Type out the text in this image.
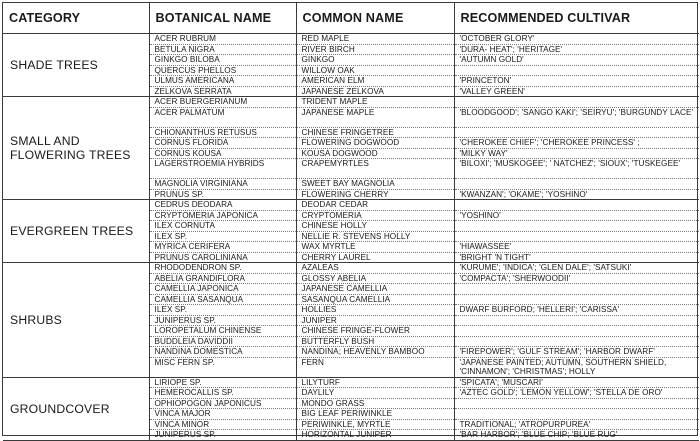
CATEGORY	BOTANICAL NAME	COMMON NAME	RECOMMENDED CULTIVAR
SHADE TREES	ACER RUBRUM	RED MAPLE	'OCTOBER GLORY'
	BETULA NIGRA	RIVER BIRCH	'DURA- HEAT'; 'HERITAGE'
	GINKGO BILOBA	GINKGO	'AUTUMN GOLD'
	QUERCUS PHELLOS	WILLOW OAK	
	ULMUS AMERICANA	AMERICAN ELM	'PRINCETON'
	ZELKOVA SERRATA	JAPANESE ZELKOVA	'VALLEY GREEN'
SMALL AND FLOWERING TREES	ACER BUERGERIANUM	TRIDENT MAPLE	
	ACER PALMATUM	JAPANESE MAPLE	'BLOODGOOD'; 'SANGO KAKI'; 'SEIRYU'; 'BURGUNDY LACE'
	CHIONANTHUS RETUSUS	CHINESE FRINGETREE	
	CORNUS FLORIDA	FLOWERING DOGWOOD	'CHEROKEE CHIEF'; 'CHEROKEE PRINCESS' ;
	CORNUS KOUSA	KOUSA DOGWOOD	'MILKY WAY'
	LAGERSTROEMIA HYBRIDS	CRAPEMYRTLES	'BILOXI'; 'MUSKOGEE'; ' NATCHEZ'; 'SIOUX'; 'TUSKEGEE'
	MAGNOLIA VIRGINIANA	SWEET BAY MAGNOLIA	
	PRUNUS SP.	FLOWERING CHERRY	'KWANZAN'; 'OKAME'; 'YOSHINO'
EVERGREEN TREES	CEDRUS DEODARA	DEODAR CEDAR	
	CRYPTOMERIA JAPONICA	CRYPTOMERIA	'YOSHINO'
	ILEX CORNUTA	CHINESE HOLLY	
	ILEX SP.	NELLIE R. STEVENS HOLLY	
	MYRICA CERIFERA	WAX MYRTLE	'HIAWASSEE'
	PRUNUS CAROLINIANA	CHERRY LAUREL	'BRIGHT 'N TIGHT'
SHRUBS	RHODODENDRON SP.	AZALEAS	'KURUME'; 'INDICA'; 'GLEN DALE'; 'SATSUKI'
	ABELIA GRANDIFLORA	GLOSSY ABELIA	'COMPACTA'; 'SHERWOODII'
	CAMELLIA JAPONICA	JAPANESE CAMELLIA	
	CAMELLIA SASANQUA	SASANQUA CAMELLIA	
	ILEX SP.	HOLLIES	DWARF BURFORD; 'HELLERI'; 'CARISSA'
	JUNIPERUS SP.	JUNIPER	
	LOROPETALUM CHINENSE	CHINESE FRINGE-FLOWER	
	BUDDLEIA DAVIDDII	BUTTERFLY BUSH	
	NANDINA DOMESTICA	NANDINA; HEAVENLY BAMBOO	'FIREPOWER'; 'GULF STREAM'; 'HARBOR DWARF'
	MISC FERN SP.	FERN	'JAPANESE PAINTED; AUTUMN, SOUTHERN SHIELD, 'CINNAMON'; 'CHRISTMAS'; HOLLY
GROUNDCOVER	LIRIOPE SP.	LILYTURF	'SPICATA'; 'MUSCARI'
	HEMEROCALLIS SP.	DAYLILY	'AZTEC GOLD'; 'LEMON YELLOW'; 'STELLA DE ORO'
	OPHIOPOGON JAPONICUS	MONDO GRASS	
	VINCA MAJOR	BIG LEAF PERIWINKLE	
	VINCA MINOR	PERIWINKLE, MYRTLE	TRADITIONAL; 'ATROPURPUREA'
	JUNIPERUS SP.	HORIZONTAL JUNIPER	'BAR HARBOR'; 'BLUE CHIP; 'BLUE RUG'
